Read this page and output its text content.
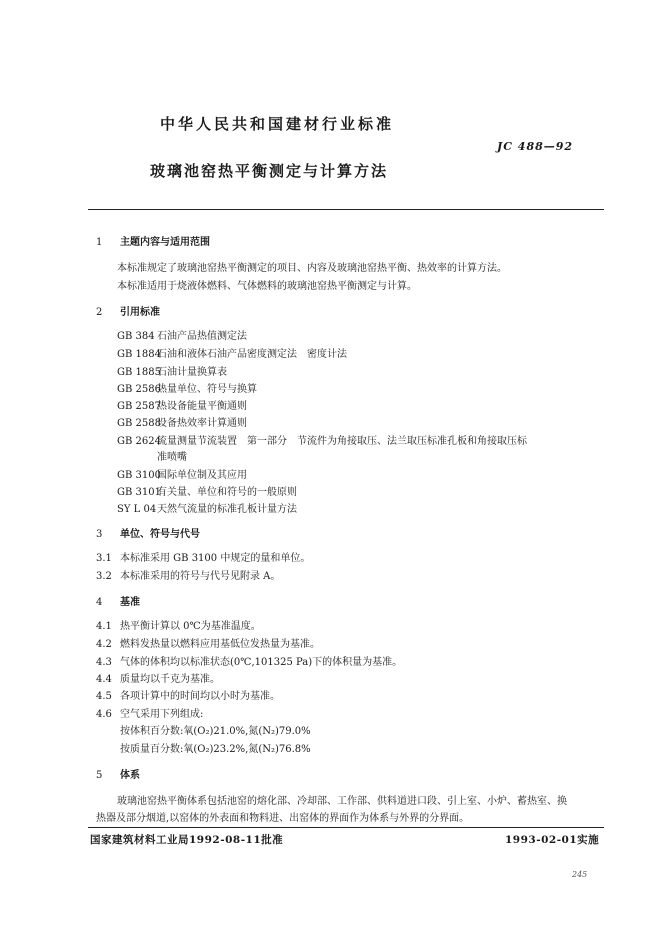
中华人民共和国建材行业标准
JC 488—92
玻璃池窑热平衡测定与计算方法
1 主题内容与适用范围
本标准规定了玻璃池窑热平衡测定的项目、内容及玻璃池窑热平衡、热效率的计算方法。
本标准适用于烧液体燃料、气体燃料的玻璃池窑热平衡测定与计算。
2 引用标准
GB 384 石油产品热值测定法
GB 1884石油和液体石油产品密度测定法　密度计法
GB 1885石油计量换算表
GB 2586热量单位、符号与换算
GB 2587热设备能量平衡通则
GB 2588设备热效率计算通则
GB 2624流量测量节流装置　第一部分　节流件为角接取压、法兰取压标准孔板和角接取压标
准喷嘴
GB 3100国际单位制及其应用
GB 3101有关量、单位和符号的一般原则
SY L 04天然气流量的标准孔板计量方法
3 单位、符号与代号
3.1 本标准采用 GB 3100 中规定的量和单位。
3.2 本标准采用的符号与代号见附录 A。
4 基准
4.1 热平衡计算以 0℃为基准温度。
4.2 燃料发热量以燃料应用基低位发热量为基准。
4.3 气体的体积均以标准状态(0℃,101325 Pa)下的体积量为基准。
4.4 质量均以千克为基准。
4.5 各项计算中的时间均以小时为基准。
4.6 空气采用下列组成:
按体积百分数:氧(O₂)21.0%,氮(N₂)79.0%
按质量百分数:氧(O₂)23.2%,氮(N₂)76.8%
5 体系
玻璃池窑热平衡体系包括池窑的熔化部、冷却部、工作部、供料道进口段、引上室、小炉、蓄热室、换
热器及部分烟道,以窑体的外表面和物料进、出窑体的界面作为体系与外界的分界面。
国家建筑材料工业局1992-08-11批准	1993-02-01实施
245
